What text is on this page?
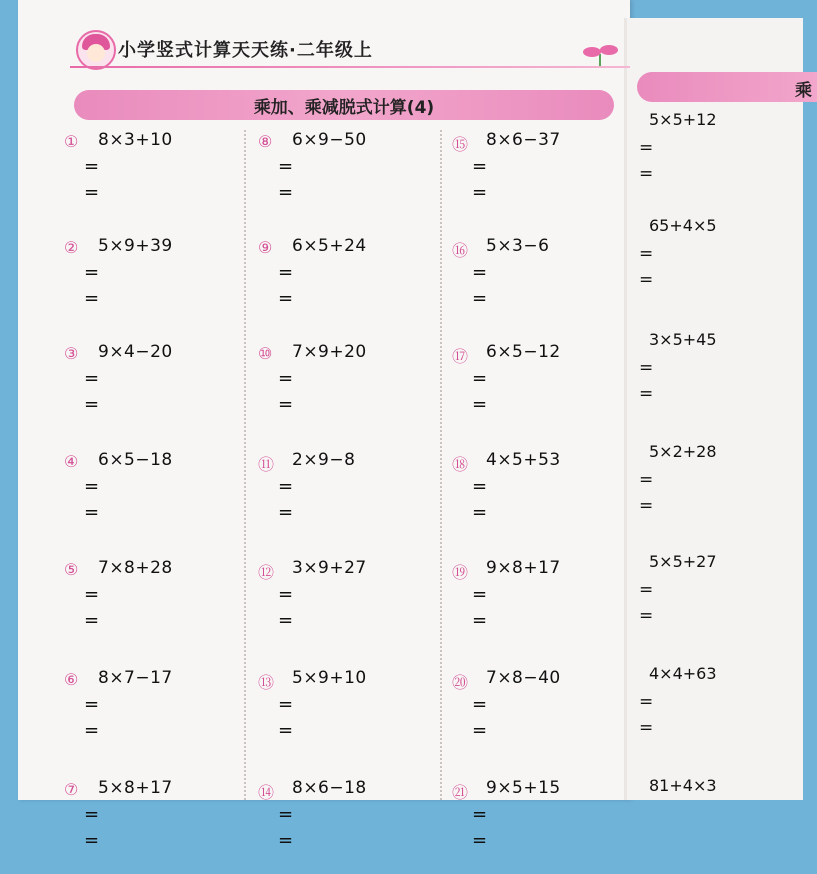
乘
5×5+12
=
=
65+4×5
=
=
3×5+45
=
=
5×2+28
=
=
5×5+27
=
=
4×4+63
=
=
81+4×3
小学竖式计算天天练·二年级上
乘加、乘减脱式计算(4)
① 8×3+10
=
=
② 5×9+39
=
=
③ 9×4−20
=
=
④ 6×5−18
=
=
⑤ 7×8+28
=
=
⑥ 8×7−17
=
=
⑦ 5×8+17
=
=
⑧ 6×9−50
=
=
⑨ 6×5+24
=
=
⑩ 7×9+20
=
=
⑪ 2×9−8
=
=
⑫ 3×9+27
=
=
⑬ 5×9+10
=
=
⑭ 8×6−18
=
=
⑮ 8×6−37
=
=
⑯ 5×3−6
=
=
⑰ 6×5−12
=
=
⑱ 4×5+53
=
=
⑲ 9×8+17
=
=
⑳ 7×8−40
=
=
㉑ 9×5+15
=
=
